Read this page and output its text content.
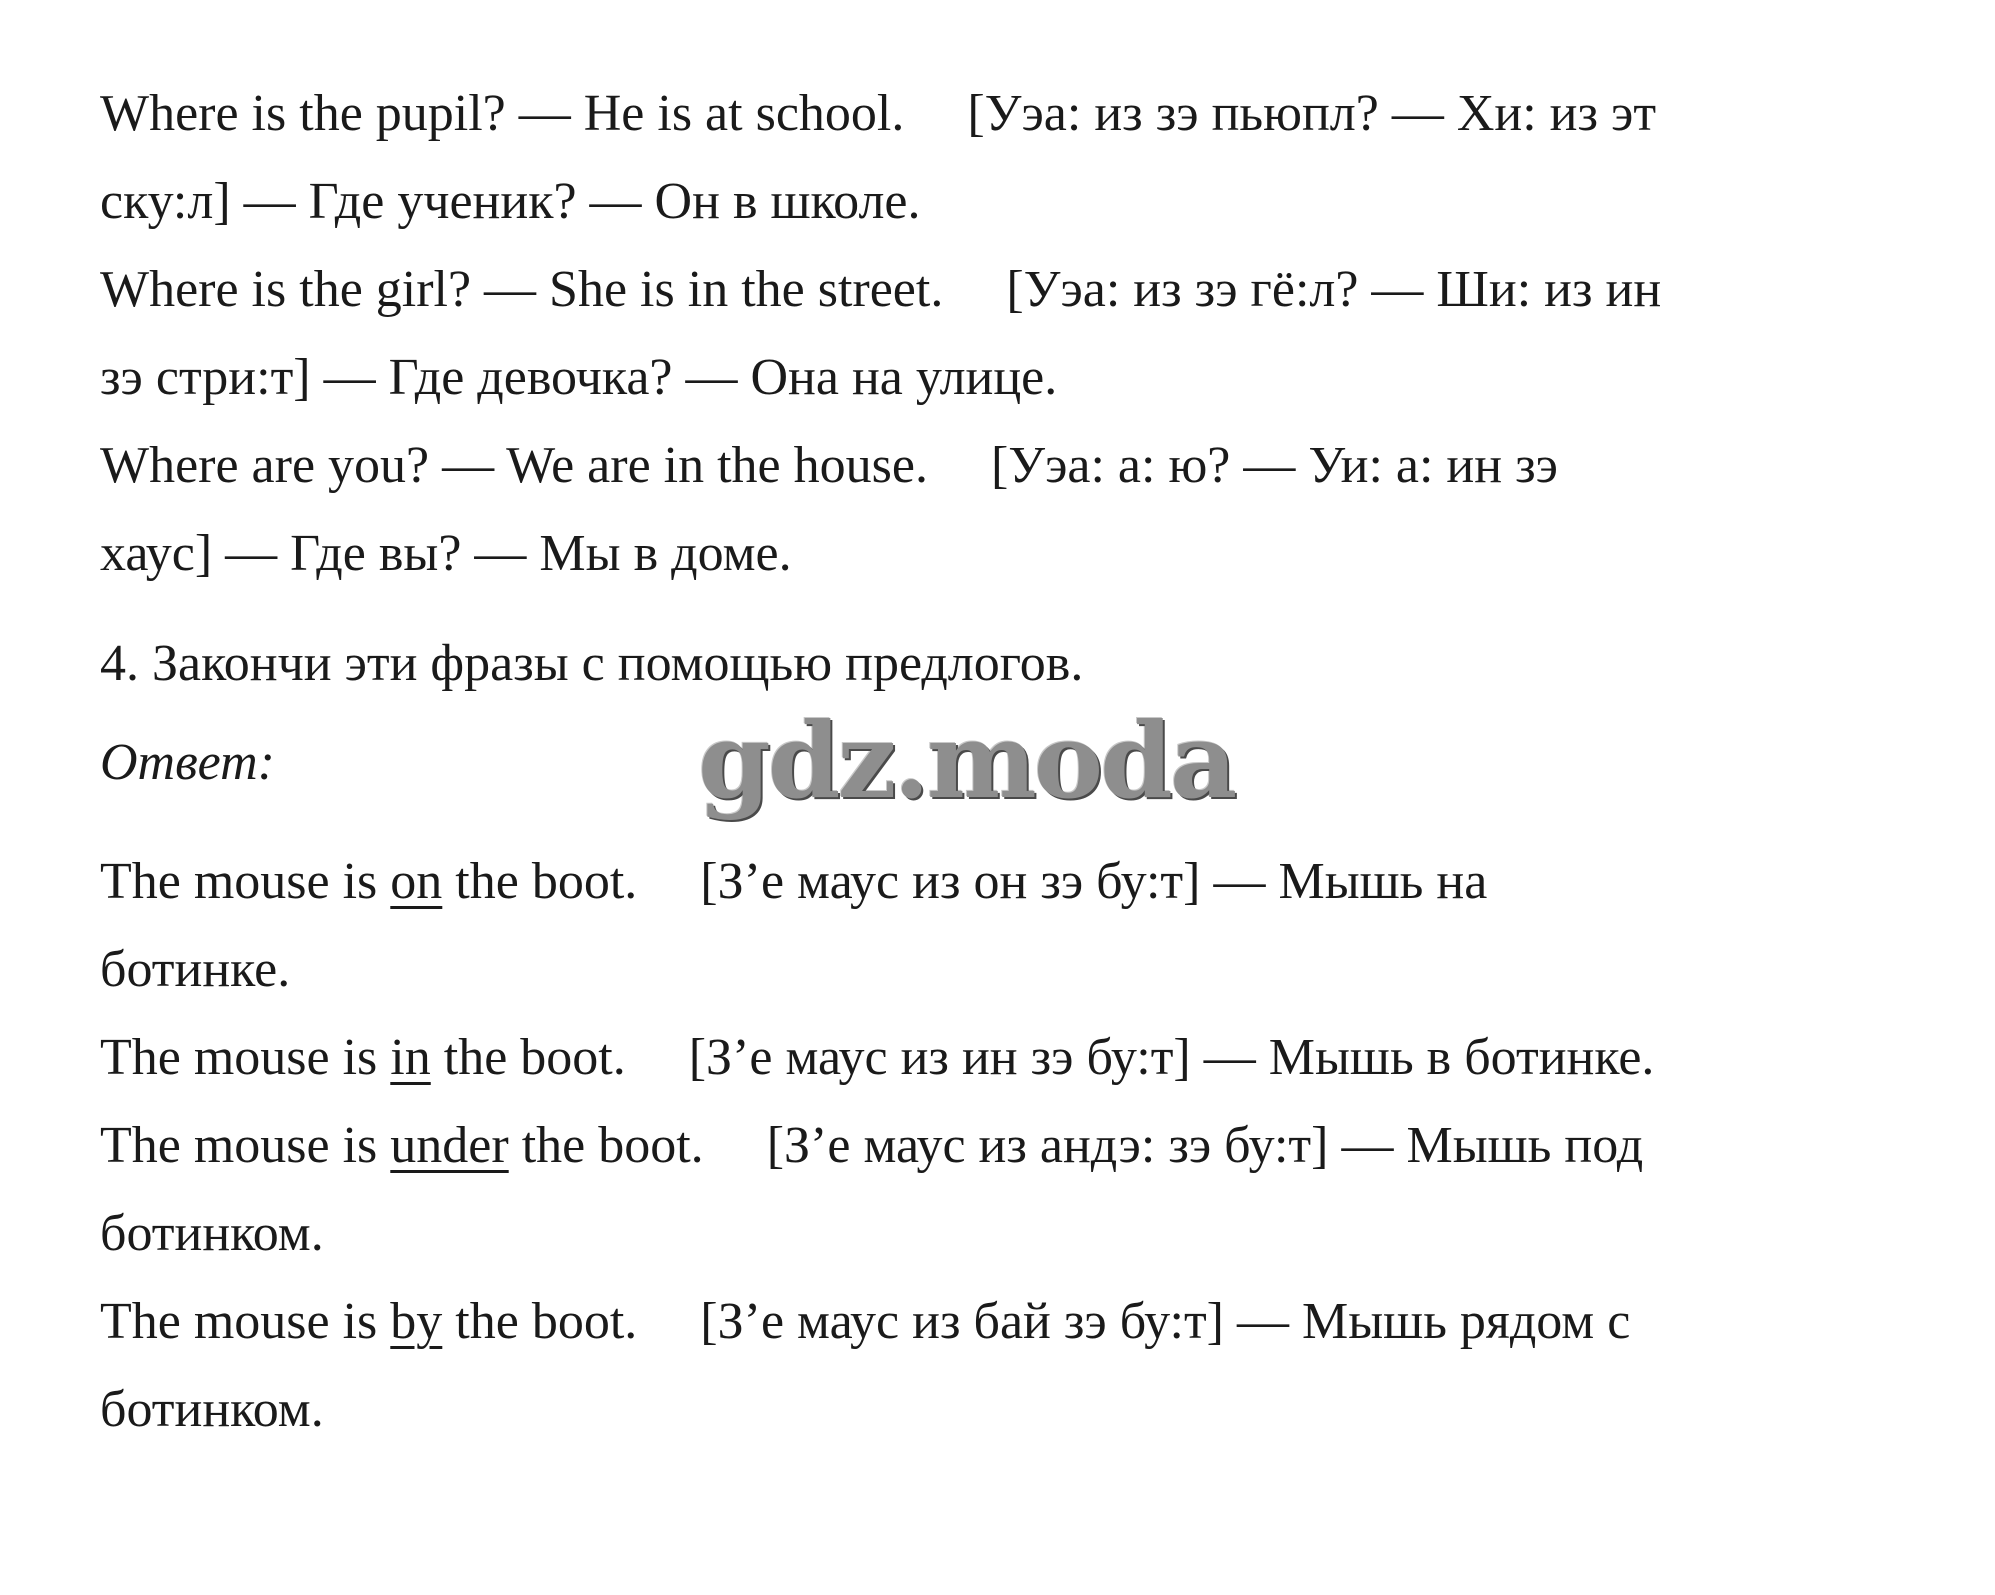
Where is the pupil? — He is at school. [Уэа: из зэ пьюпл? — Хи: из эт
ску:л] — Где ученик? — Он в школе.

Where is the girl? — She is in the street. [Уэа: из зэ гё:л? — Ши: из ин
зэ стри:т] — Где девочка? — Она на улице.

Where are you? — We are in the house. [Уэа: а: ю? — Уи: а: ин зэ
хаус] — Где вы? — Мы в доме.

4. Закончи эти фразы с помощью предлогов.

Ответ:	gdz.moda

The mouse is on the boot. [З’е маус из он зэ бу:т] — Мышь на
ботинке.

The mouse is in the boot. [З’е маус из ин зэ бу:т] — Мышь в ботинке.

The mouse is under the boot. [З’е маус из андэ: зэ бу:т] — Мышь под
ботинком.

The mouse is by the boot. [З’е маус из бай зэ бу:т] — Мышь рядом с
ботинком.
